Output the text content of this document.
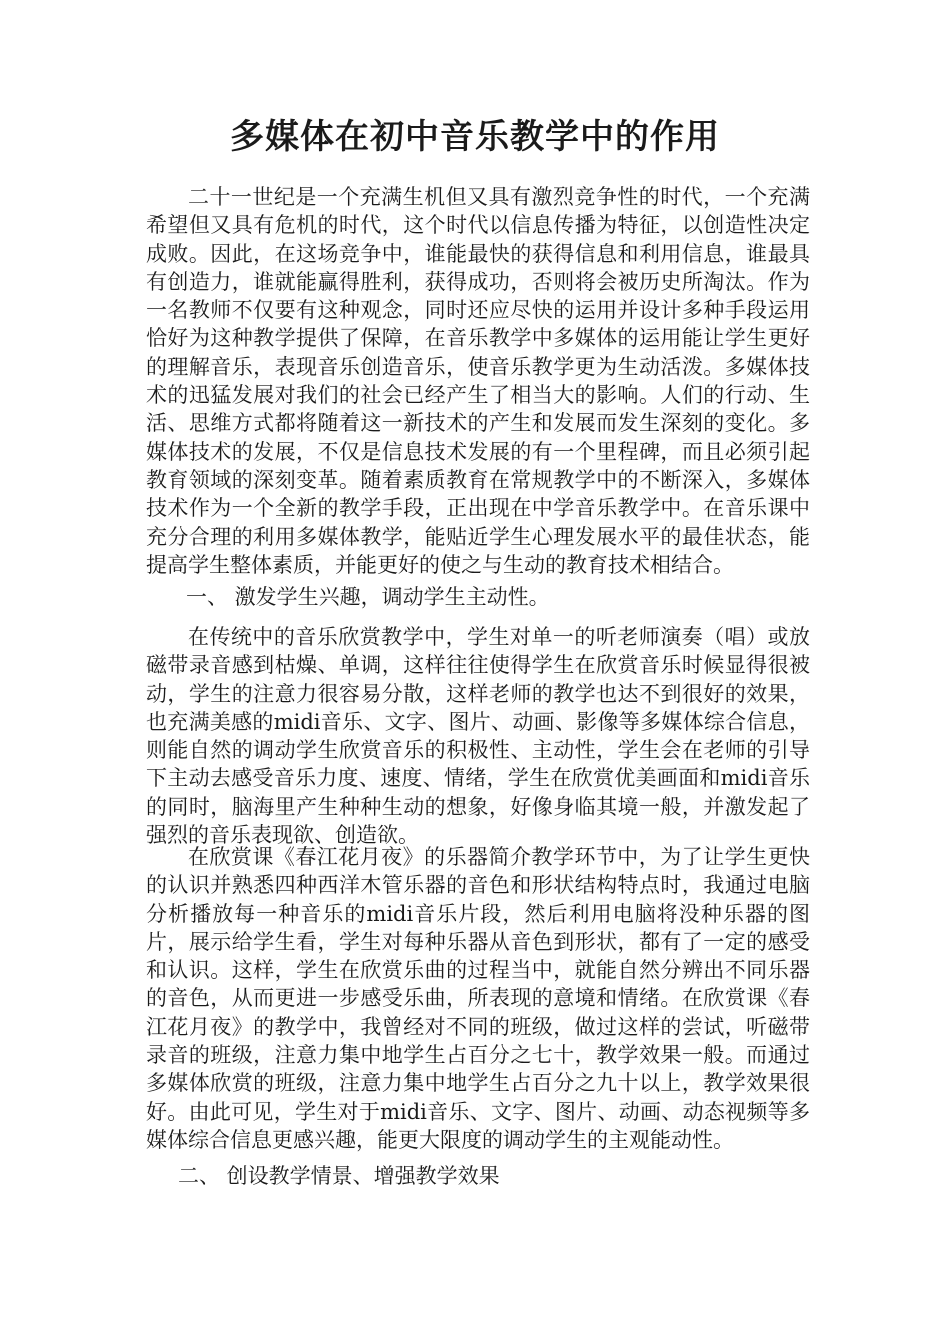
多媒体在初中音乐教学中的作用

二十一世纪是一个充满生机但又具有激烈竞争性的时代，一个充满希望但又具有危机的时代，这个时代以信息传播为特征，以创造性决定成败。因此，在这场竞争中，谁能最快的获得信息和利用信息，谁最具有创造力，谁就能赢得胜利，获得成功，否则将会被历史所淘汰。作为一名教师不仅要有这种观念，同时还应尽快的运用并设计多种手段运用恰好为这种教学提供了保障，在音乐教学中多媒体的运用能让学生更好的理解音乐，表现音乐创造音乐，使音乐教学更为生动活泼。多媒体技术的迅猛发展对我们的社会已经产生了相当大的影响。人们的行动、生活、思维方式都将随着这一新技术的产生和发展而发生深刻的变化。多媒体技术的发展，不仅是信息技术发展的有一个里程碑，而且必须引起教育领域的深刻变革。随着素质教育在常规教学中的不断深入，多媒体技术作为一个全新的教学手段，正出现在中学音乐教学中。在音乐课中充分合理的利用多媒体教学，能贴近学生心理发展水平的最佳状态，能提高学生整体素质，并能更好的使之与生动的教育技术相结合。

一、 激发学生兴趣，调动学生主动性。

在传统中的音乐欣赏教学中，学生对单一的听老师演奏（唱）或放磁带录音感到枯燥、单调，这样往往使得学生在欣赏音乐时候显得很被动，学生的注意力很容易分散，这样老师的教学也达不到很好的效果，也充满美感的midi音乐、文字、图片、动画、影像等多媒体综合信息，则能自然的调动学生欣赏音乐的积极性、主动性，学生会在老师的引导下主动去感受音乐力度、速度、情绪，学生在欣赏优美画面和midi音乐的同时，脑海里产生种种生动的想象，好像身临其境一般，并激发起了强烈的音乐表现欲、创造欲。

在欣赏课《春江花月夜》的乐器简介教学环节中，为了让学生更快的认识并熟悉四种西洋木管乐器的音色和形状结构特点时，我通过电脑分析播放每一种音乐的midi音乐片段，然后利用电脑将没种乐器的图片，展示给学生看，学生对每种乐器从音色到形状，都有了一定的感受和认识。这样，学生在欣赏乐曲的过程当中，就能自然分辨出不同乐器的音色，从而更进一步感受乐曲，所表现的意境和情绪。在欣赏课《春江花月夜》的教学中，我曾经对不同的班级，做过这样的尝试，听磁带录音的班级，注意力集中地学生占百分之七十，教学效果一般。而通过多媒体欣赏的班级，注意力集中地学生占百分之九十以上，教学效果很好。由此可见，学生对于midi音乐、文字、图片、动画、动态视频等多媒体综合信息更感兴趣，能更大限度的调动学生的主观能动性。

二、 创设教学情景、增强教学效果
